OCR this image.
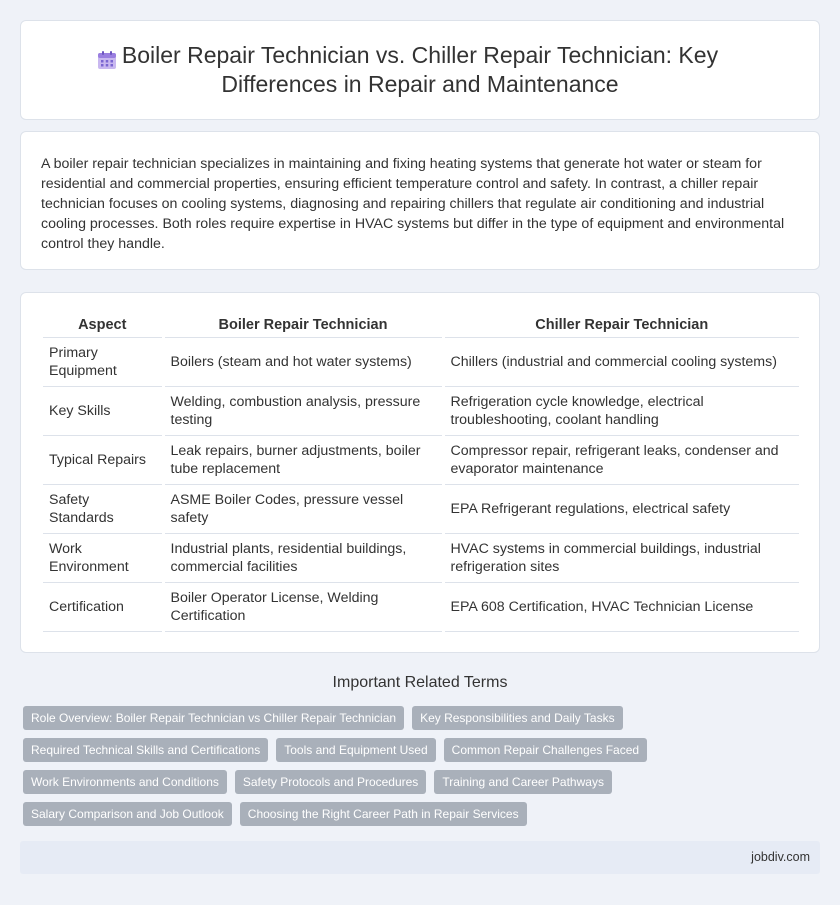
Boiler Repair Technician vs. Chiller Repair Technician: Key Differences in Repair and Maintenance

A boiler repair technician specializes in maintaining and fixing heating systems that generate hot water or steam for residential and commercial properties, ensuring efficient temperature control and safety. In contrast, a chiller repair technician focuses on cooling systems, diagnosing and repairing chillers that regulate air conditioning and industrial cooling processes. Both roles require expertise in HVAC systems but differ in the type of equipment and environmental control they handle.

Aspect	Boiler Repair Technician	Chiller Repair Technician
Primary Equipment	Boilers (steam and hot water systems)	Chillers (industrial and commercial cooling systems)
Key Skills	Welding, combustion analysis, pressure testing	Refrigeration cycle knowledge, electrical troubleshooting, coolant handling
Typical Repairs	Leak repairs, burner adjustments, boiler tube replacement	Compressor repair, refrigerant leaks, condenser and evaporator maintenance
Safety Standards	ASME Boiler Codes, pressure vessel safety	EPA Refrigerant regulations, electrical safety
Work Environment	Industrial plants, residential buildings, commercial facilities	HVAC systems in commercial buildings, industrial refrigeration sites
Certification	Boiler Operator License, Welding Certification	EPA 608 Certification, HVAC Technician License
Important Related Terms
Role Overview: Boiler Repair Technician vs Chiller Repair Technician	Key Responsibilities and Daily Tasks
Required Technical Skills and Certifications	Tools and Equipment Used	Common Repair Challenges Faced
Work Environments and Conditions	Safety Protocols and Procedures	Training and Career Pathways
Salary Comparison and Job Outlook	Choosing the Right Career Path in Repair Services
jobdiv.com
